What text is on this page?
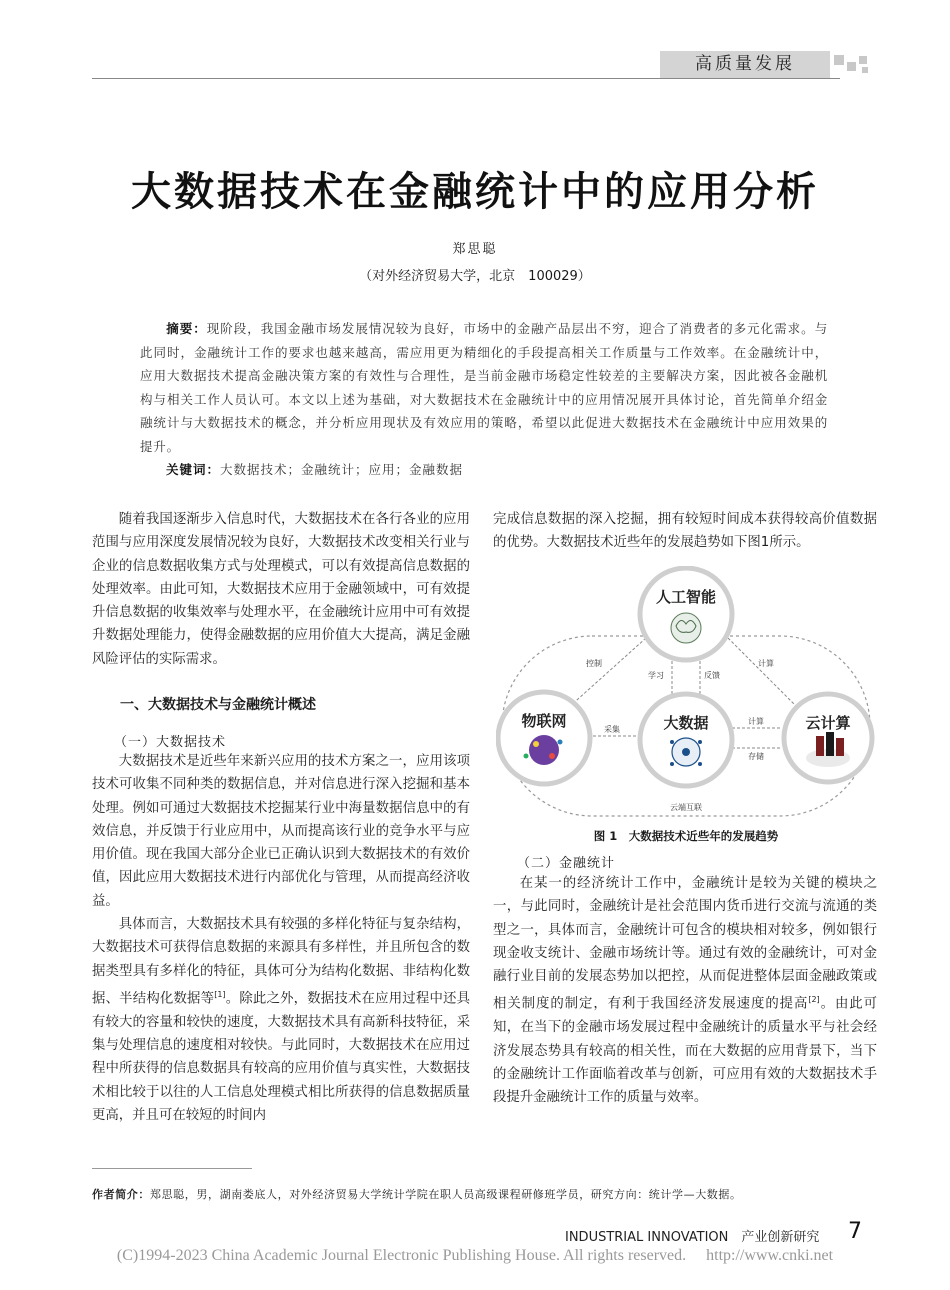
高质量发展
大数据技术在金融统计中的应用分析
郑思聪
（对外经济贸易大学，北京　100029）
摘要：现阶段，我国金融市场发展情况较为良好，市场中的金融产品层出不穷，迎合了消费者的多元化需求。与此同时，金融统计工作的要求也越来越高，需应用更为精细化的手段提高相关工作质量与工作效率。在金融统计中，应用大数据技术提高金融决策方案的有效性与合理性，是当前金融市场稳定性较差的主要解决方案，因此被各金融机构与相关工作人员认可。本文以上述为基础，对大数据技术在金融统计中的应用情况展开具体讨论，首先简单介绍金融统计与大数据技术的概念，并分析应用现状及有效应用的策略，希望以此促进大数据技术在金融统计中应用效果的提升。
关键词：大数据技术；金融统计；应用；金融数据

随着我国逐渐步入信息时代，大数据技术在各行各业的应用范围与应用深度发展情况较为良好，大数据技术改变相关行业与企业的信息数据收集方式与处理模式，可以有效提高信息数据的处理效率。由此可知，大数据技术应用于金融领域中，可有效提升信息数据的收集效率与处理水平，在金融统计应用中可有效提升数据处理能力，使得金融数据的应用价值大大提高，满足金融风险评估的实际需求。

一、大数据技术与金融统计概述
（一）大数据技术

大数据技术是近些年来新兴应用的技术方案之一，应用该项技术可收集不同种类的数据信息，并对信息进行深入挖掘和基本处理。例如可通过大数据技术挖掘某行业中海量数据信息中的有效信息，并反馈于行业应用中，从而提高该行业的竞争水平与应用价值。现在我国大部分企业已正确认识到大数据技术的有效价值，因此应用大数据技术进行内部优化与管理，从而提高经济收益。

具体而言，大数据技术具有较强的多样化特征与复杂结构，大数据技术可获得信息数据的来源具有多样性，并且所包含的数据类型具有多样化的特征，具体可分为结构化数据、非结构化数据、半结构化数据等[1]。除此之外，数据技术在应用过程中还具有较大的容量和较快的速度，大数据技术具有高新科技特征，采集与处理信息的速度相对较快。与此同时，大数据技术在应用过程中所获得的信息数据具有较高的应用价值与真实性，大数据技术相比较于以往的人工信息处理模式相比所获得的信息数据质量更高，并且可在较短的时间内

完成信息数据的深入挖掘，拥有较短时间成本获得较高价值数据的优势。大数据技术近些年的发展趋势如下图1所示。

人工智能
物联网	大数据	云计算
控制	计算
学习	反馈
采集
计算
存储
云端互联
图 1　大数据技术近些年的发展趋势
（二）金融统计

在某一的经济统计工作中，金融统计是较为关键的模块之一，与此同时，金融统计是社会范围内货币进行交流与流通的类型之一，具体而言，金融统计可包含的模块相对较多，例如银行现金收支统计、金融市场统计等。通过有效的金融统计，可对金融行业目前的发展态势加以把控，从而促进整体层面金融政策或相关制度的制定，有利于我国经济发展速度的提高[2]。由此可知，在当下的金融市场发展过程中金融统计的质量水平与社会经济发展态势具有较高的相关性，而在大数据的应用背景下，当下的金融统计工作面临着改革与创新，可应用有效的大数据技术手段提升金融统计工作的质量与效率。

作者简介：郑思聪，男，湖南娄底人，对外经济贸易大学统计学院在职人员高级课程研修班学员，研究方向：统计学—大数据。
INDUSTRIAL INNOVATION　产业创新研究 7
(C)1994-2023 China Academic Journal Electronic Publishing House. All rights reserved.　 http://www.cnki.net
